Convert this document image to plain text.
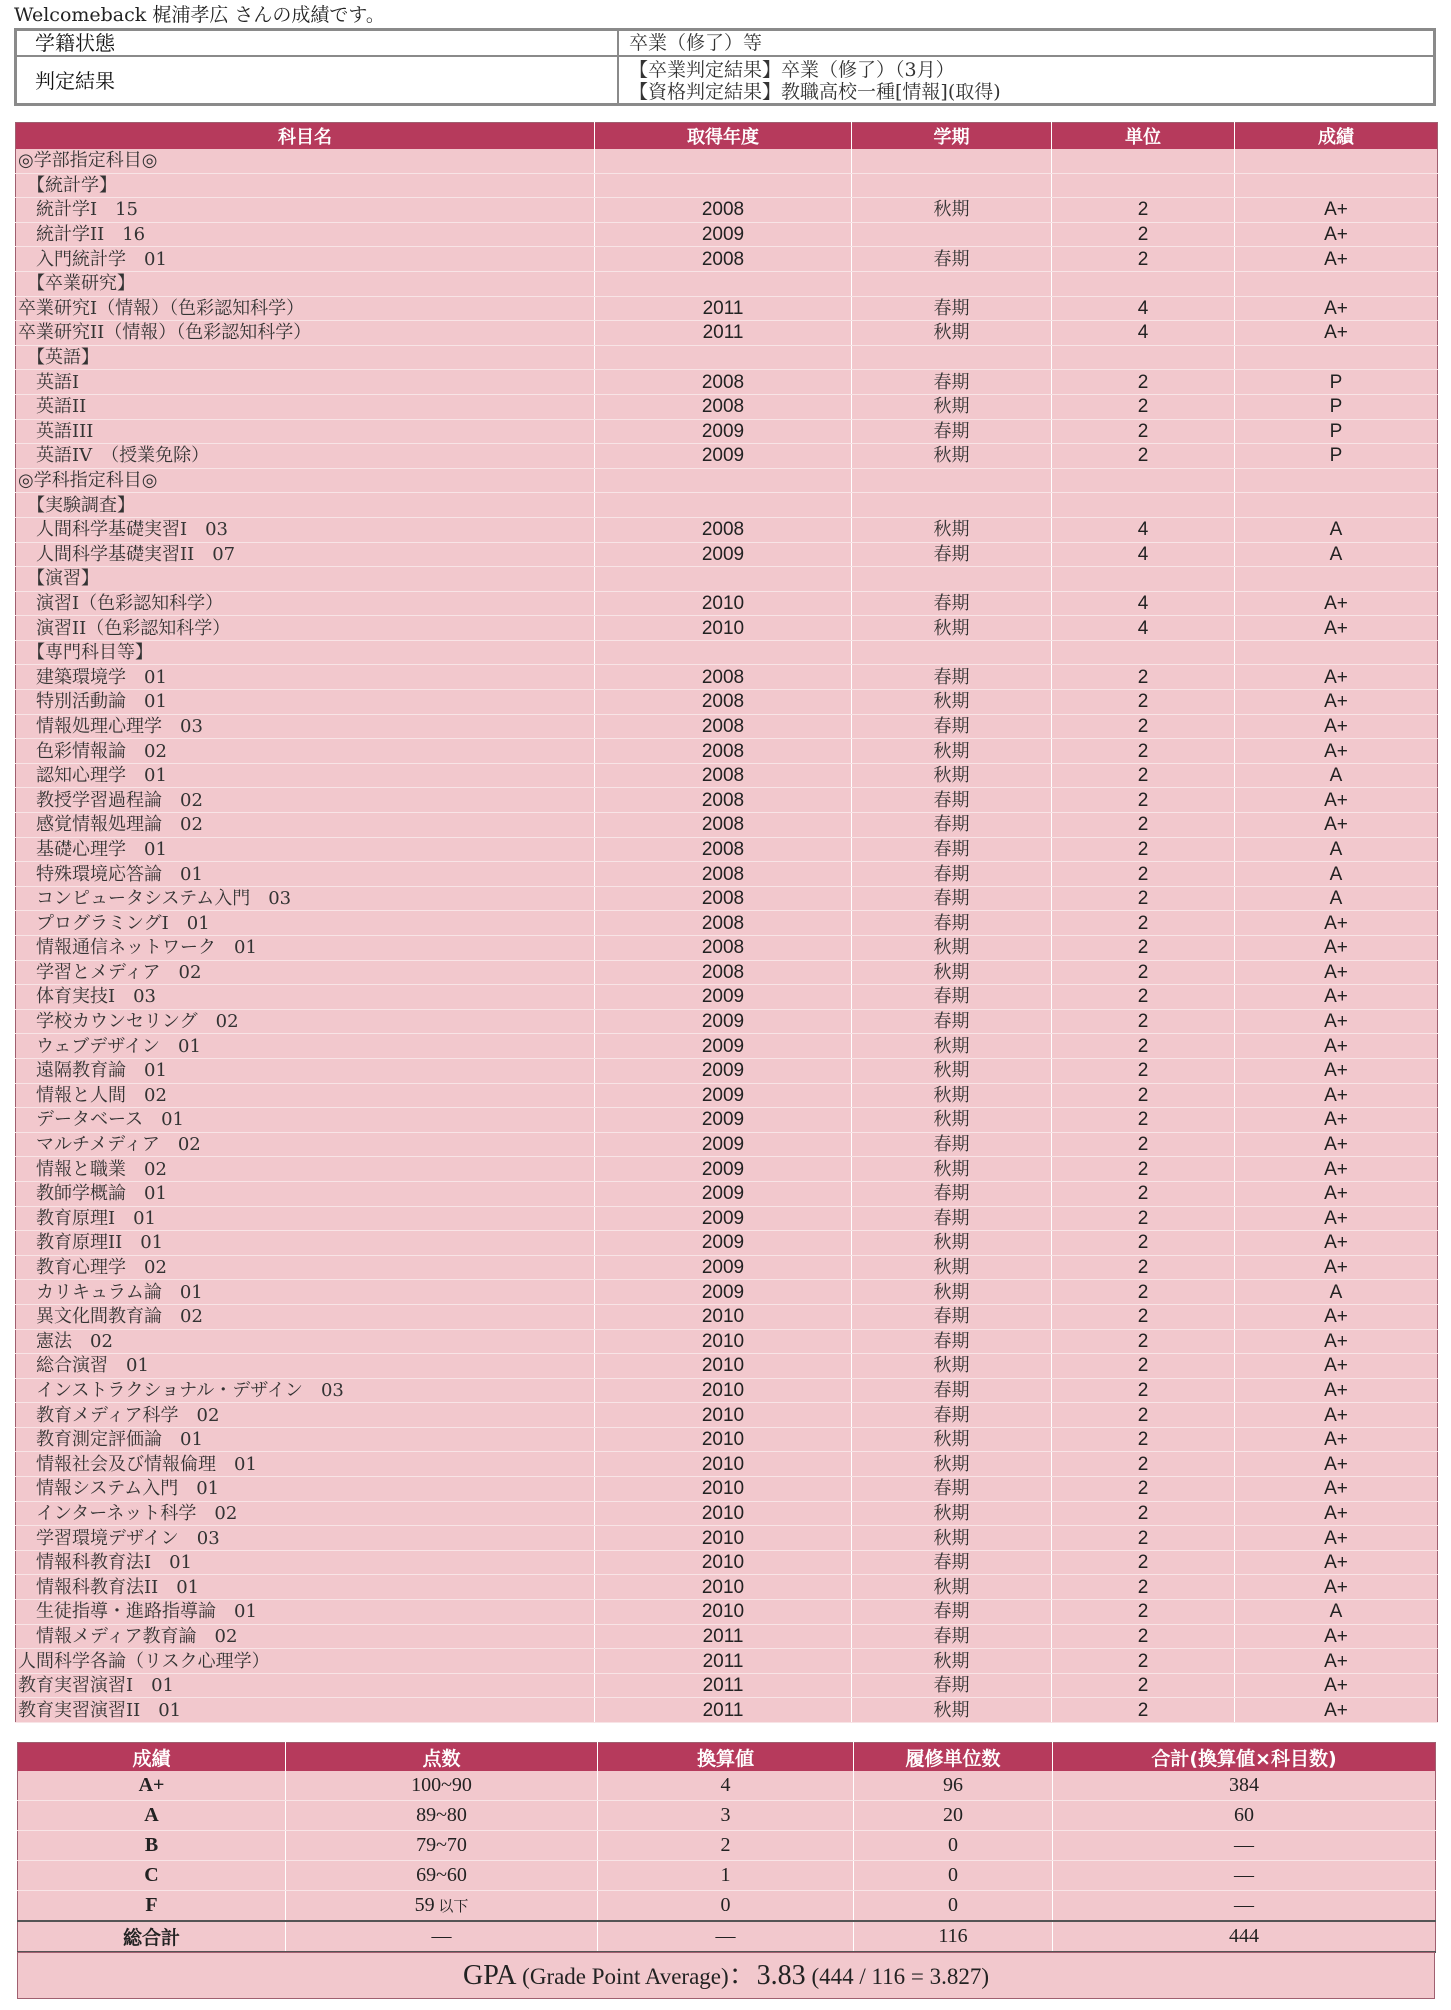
Welcomeback 梶浦孝広 さんの成績です。
学籍状態	卒業（修了）等
判定結果	【卒業判定結果】卒業（修了）（3月）
【資格判定結果】教職高校一種[情報](取得)
科目名	取得年度	学期	単位	成績
◎学部指定科目◎				
　【統計学】				
　統計学Ⅰ　15	2008	秋期	2	A+
　統計学II　16	2009		2	A+
　入門統計学　01	2008	春期	2	A+
　【卒業研究】				
卒業研究Ⅰ（情報）（色彩認知科学）	2011	春期	4	A+
卒業研究II（情報）（色彩認知科学）	2011	秋期	4	A+
　【英語】				
　英語Ⅰ	2008	春期	2	P
　英語II	2008	秋期	2	P
　英語III	2009	春期	2	P
　英語IV　（授業免除）	2009	秋期	2	P
◎学科指定科目◎				
　【実験調査】				
　人間科学基礎実習Ⅰ　03	2008	秋期	4	A
　人間科学基礎実習II　07	2009	春期	4	A
　【演習】				
　演習Ⅰ（色彩認知科学）	2010	春期	4	A+
　演習II（色彩認知科学）	2010	秋期	4	A+
　【専門科目等】				
　建築環境学　01	2008	春期	2	A+
　特別活動論　01	2008	秋期	2	A+
　情報処理心理学　03	2008	春期	2	A+
　色彩情報論　02	2008	秋期	2	A+
　認知心理学　01	2008	秋期	2	A
　教授学習過程論　02	2008	春期	2	A+
　感覚情報処理論　02	2008	春期	2	A+
　基礎心理学　01	2008	春期	2	A
　特殊環境応答論　01	2008	春期	2	A
　コンピュータシステム入門　03	2008	春期	2	A
　プログラミングⅠ　01	2008	春期	2	A+
　情報通信ネットワーク　01	2008	秋期	2	A+
　学習とメディア　02	2008	秋期	2	A+
　体育実技Ⅰ　03	2009	春期	2	A+
　学校カウンセリング　02	2009	春期	2	A+
　ウェブデザイン　01	2009	秋期	2	A+
　遠隔教育論　01	2009	秋期	2	A+
　情報と人間　02	2009	秋期	2	A+
　データベース　01	2009	秋期	2	A+
　マルチメディア　02	2009	春期	2	A+
　情報と職業　02	2009	秋期	2	A+
　教師学概論　01	2009	春期	2	A+
　教育原理Ⅰ　01	2009	春期	2	A+
　教育原理II　01	2009	秋期	2	A+
　教育心理学　02	2009	秋期	2	A+
　カリキュラム論　01	2009	秋期	2	A
　異文化間教育論　02	2010	春期	2	A+
　憲法　02	2010	春期	2	A+
　総合演習　01	2010	秋期	2	A+
　インストラクショナル・デザイン　03	2010	春期	2	A+
　教育メディア科学　02	2010	春期	2	A+
　教育測定評価論　01	2010	秋期	2	A+
　情報社会及び情報倫理　01	2010	秋期	2	A+
　情報システム入門　01	2010	春期	2	A+
　インターネット科学　02	2010	秋期	2	A+
　学習環境デザイン　03	2010	秋期	2	A+
　情報科教育法Ⅰ　01	2010	春期	2	A+
　情報科教育法II　01	2010	秋期	2	A+
　生徒指導・進路指導論　01	2010	春期	2	A
　情報メディア教育論　02	2011	春期	2	A+
人間科学各論（リスク心理学）	2011	秋期	2	A+
教育実習演習Ⅰ　01	2011	春期	2	A+
教育実習演習II　01	2011	秋期	2	A+
成績	点数	換算値	履修単位数	合計(換算値×科目数)
A+	100~90	4	96	384
A	89~80	3	20	60
B	79~70	2	0	―
C	69~60	1	0	―
F	59 以下	0	0	―
総合計	―	―	116	444
GPA (Grade Point Average)：3.83 (444 / 116 = 3.827)
